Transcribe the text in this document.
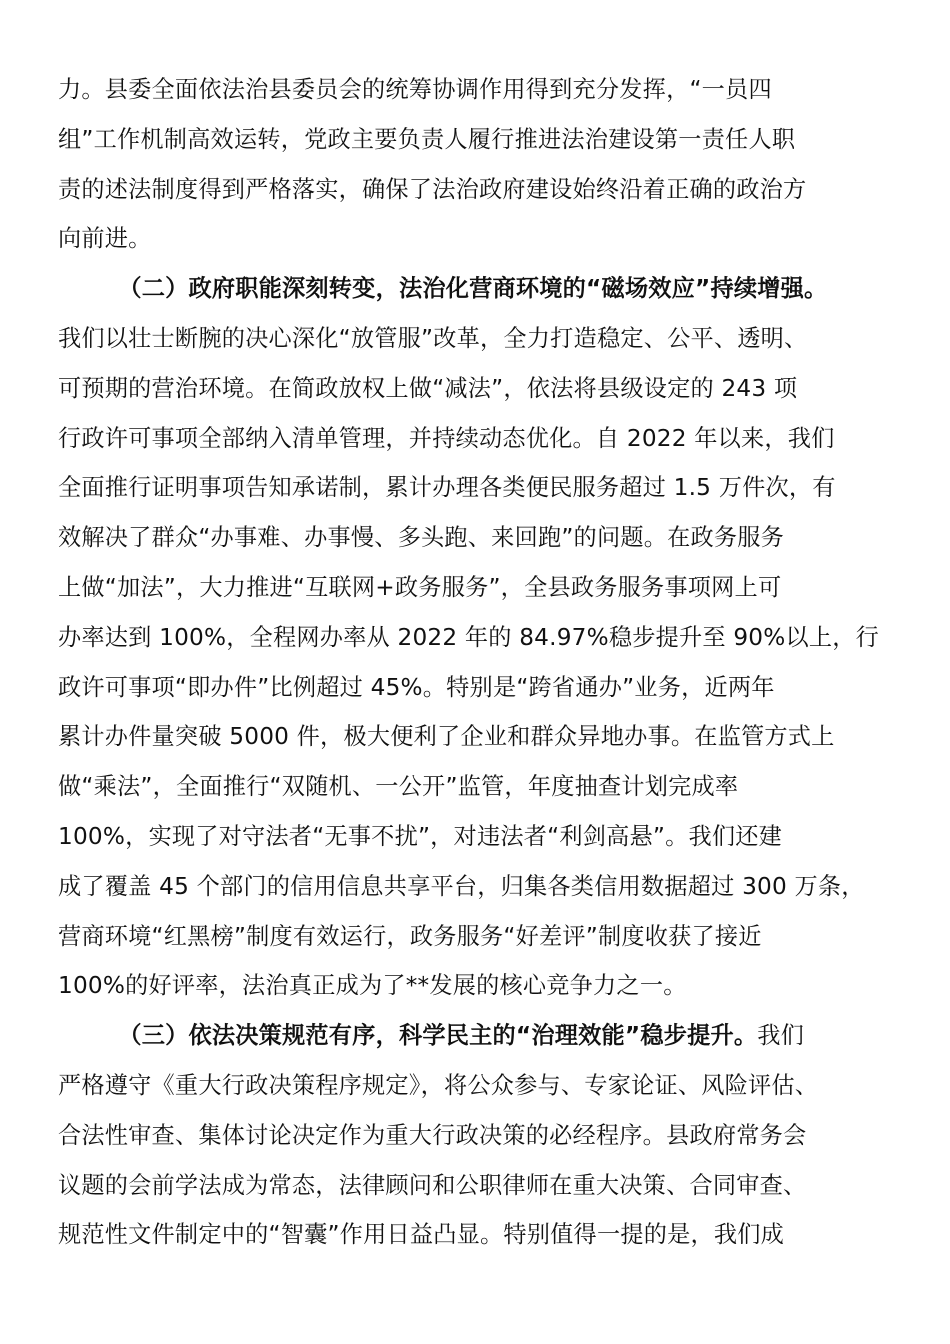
力。县委全面依法治县委员会的统筹协调作用得到充分发挥，“一员四
组”工作机制高效运转，党政主要负责人履行推进法治建设第一责任人职
责的述法制度得到严格落实，确保了法治政府建设始终沿着正确的政治方
向前进。
（二）政府职能深刻转变，法治化营商环境的“磁场效应”持续增强。
我们以壮士断腕的决心深化“放管服”改革，全力打造稳定、公平、透明、
可预期的营治环境。在简政放权上做“减法”，依法将县级设定的 243 项
行政许可事项全部纳入清单管理，并持续动态优化。自 2022 年以来，我们
全面推行证明事项告知承诺制，累计办理各类便民服务超过 1.5 万件次，有
效解决了群众“办事难、办事慢、多头跑、来回跑”的问题。在政务服务
上做“加法”，大力推进“互联网+政务服务”，全县政务服务事项网上可
办率达到 100%，全程网办率从 2022 年的 84.97%稳步提升至 90%以上，行
政许可事项“即办件”比例超过 45%。特别是“跨省通办”业务，近两年
累计办件量突破 5000 件，极大便利了企业和群众异地办事。在监管方式上
做“乘法”，全面推行“双随机、一公开”监管，年度抽查计划完成率
100%，实现了对守法者“无事不扰”，对违法者“利剑高悬”。我们还建
成了覆盖 45 个部门的信用信息共享平台，归集各类信用数据超过 300 万条，
营商环境“红黑榜”制度有效运行，政务服务“好差评”制度收获了接近
100%的好评率，法治真正成为了**发展的核心竞争力之一。
（三）依法决策规范有序，科学民主的“治理效能”稳步提升。我们
严格遵守《重大行政决策程序规定》，将公众参与、专家论证、风险评估、
合法性审查、集体讨论决定作为重大行政决策的必经程序。县政府常务会
议题的会前学法成为常态，法律顾问和公职律师在重大决策、合同审查、
规范性文件制定中的“智囊”作用日益凸显。特别值得一提的是，我们成
